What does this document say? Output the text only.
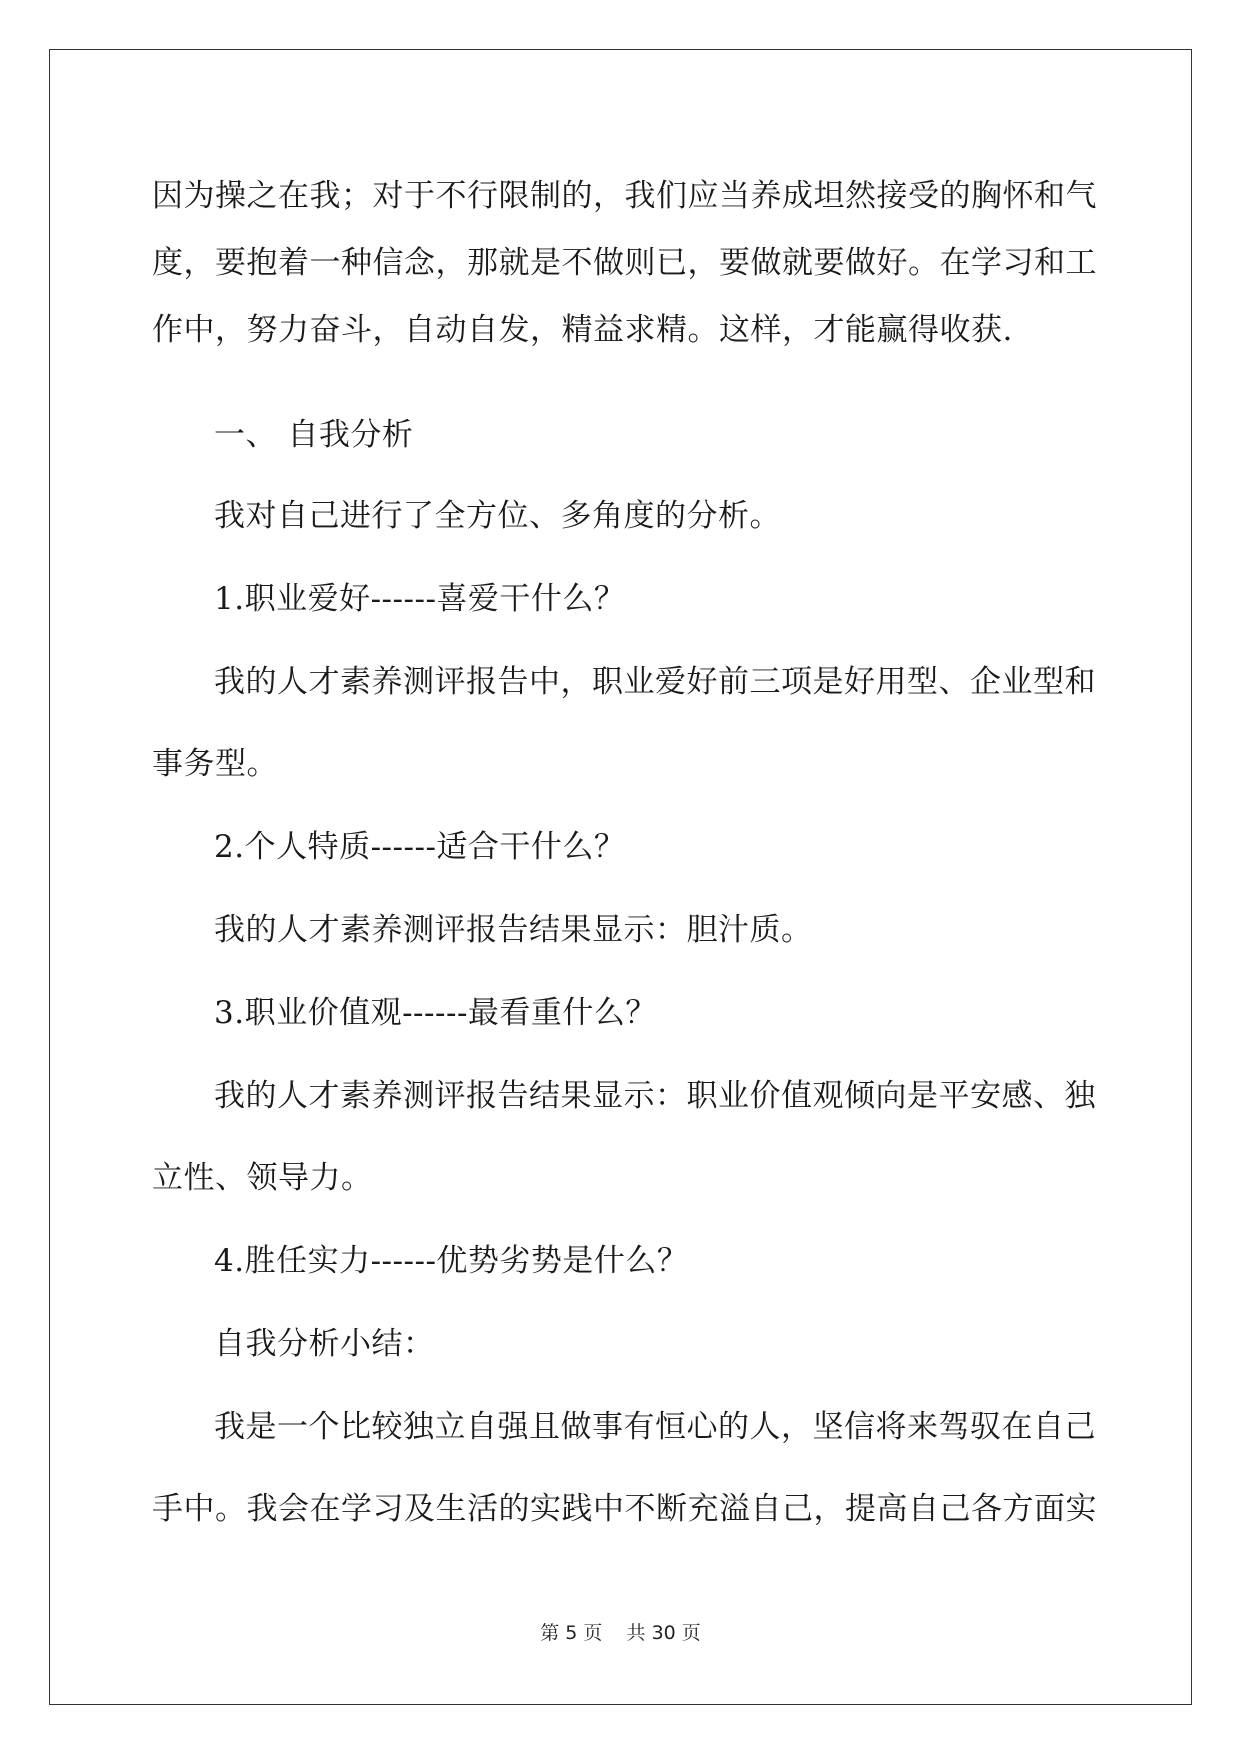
因为操之在我；对于不行限制的，我们应当养成坦然接受的胸怀和气
度，要抱着一种信念，那就是不做则已，要做就要做好。在学习和工
作中，努力奋斗，自动自发，精益求精。这样，才能赢得收获.
一、 自我分析
我对自己进行了全方位、多角度的分析。
1.职业爱好------喜爱干什么？
我的人才素养测评报告中，职业爱好前三项是好用型、企业型和
事务型。
2.个人特质------适合干什么？
我的人才素养测评报告结果显示：胆汁质。
3.职业价值观------最看重什么？
我的人才素养测评报告结果显示：职业价值观倾向是平安感、独
立性、领导力。
4.胜任实力------优势劣势是什么？
自我分析小结：
我是一个比较独立自强且做事有恒心的人，坚信将来驾驭在自己
手中。我会在学习及生活的实践中不断充溢自己，提高自己各方面实
第 5 页    共 30 页
